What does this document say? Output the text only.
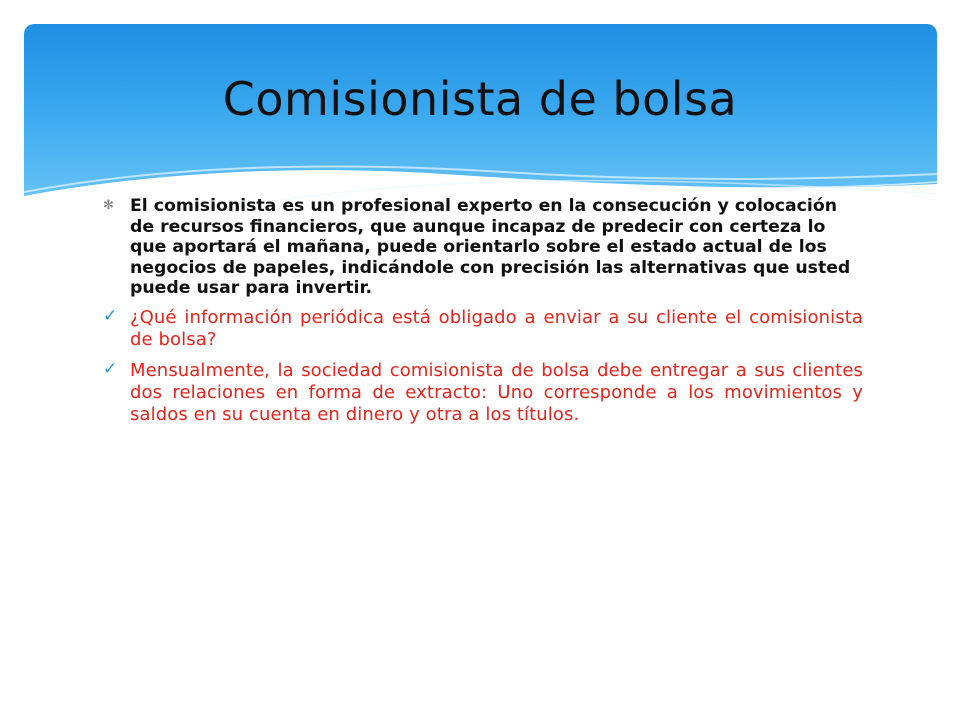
Comisionista de bolsa
✻ El comisionista es un profesional experto en la consecución y colocación de recursos financieros, que aunque incapaz de predecir con certeza lo que aportará el mañana, puede orientarlo sobre el estado actual de los negocios de papeles, indicándole con precisión las alternativas que usted puede usar para invertir.
✓ ¿Qué información periódica está obligado a enviar a su cliente el comisionista de bolsa?
✓ Mensualmente, la sociedad comisionista de bolsa debe entregar a sus clientes dos relaciones en forma de extracto: Uno corresponde a los movimientos y saldos en su cuenta en dinero y otra a los títulos.
